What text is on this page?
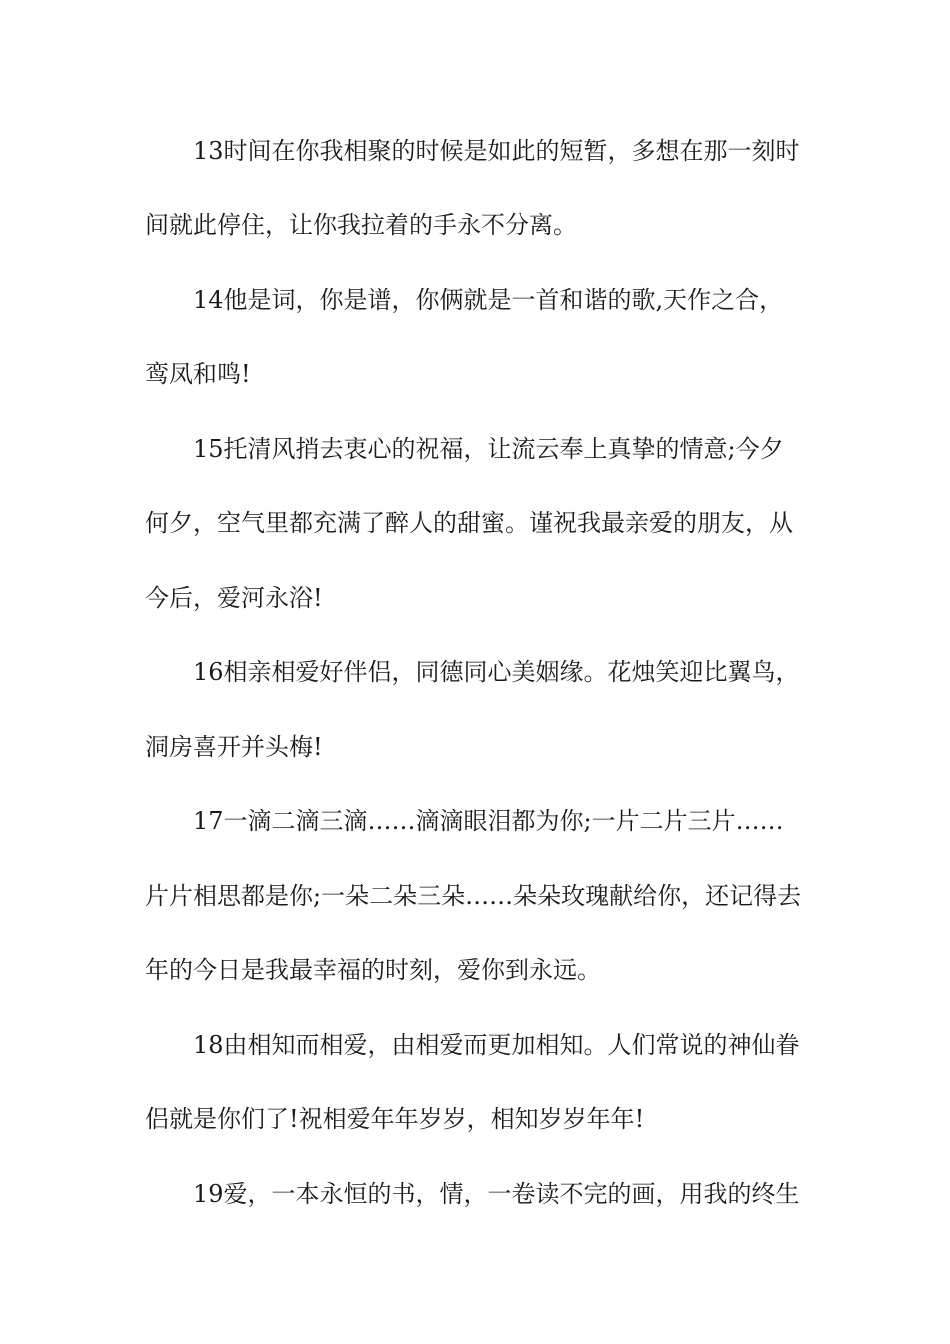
13时间在你我相聚的时候是如此的短暂，多想在那一刻时
间就此停住，让你我拉着的手永不分离。
14他是词，你是谱，你俩就是一首和谐的歌,天作之合，
鸾凤和鸣!
15托清风捎去衷心的祝福，让流云奉上真挚的情意;今夕
何夕，空气里都充满了醉人的甜蜜。谨祝我最亲爱的朋友，从
今后，爱河永浴!
16相亲相爱好伴侣，同德同心美姻缘。花烛笑迎比翼鸟，
洞房喜开并头梅!
17一滴二滴三滴……滴滴眼泪都为你;一片二片三片……
片片相思都是你;一朵二朵三朵……朵朵玫瑰献给你，还记得去
年的今日是我最幸福的时刻，爱你到永远。
18由相知而相爱，由相爱而更加相知。人们常说的神仙眷
侣就是你们了!祝相爱年年岁岁，相知岁岁年年!
19爱，一本永恒的书，情，一卷读不完的画，用我的终生
